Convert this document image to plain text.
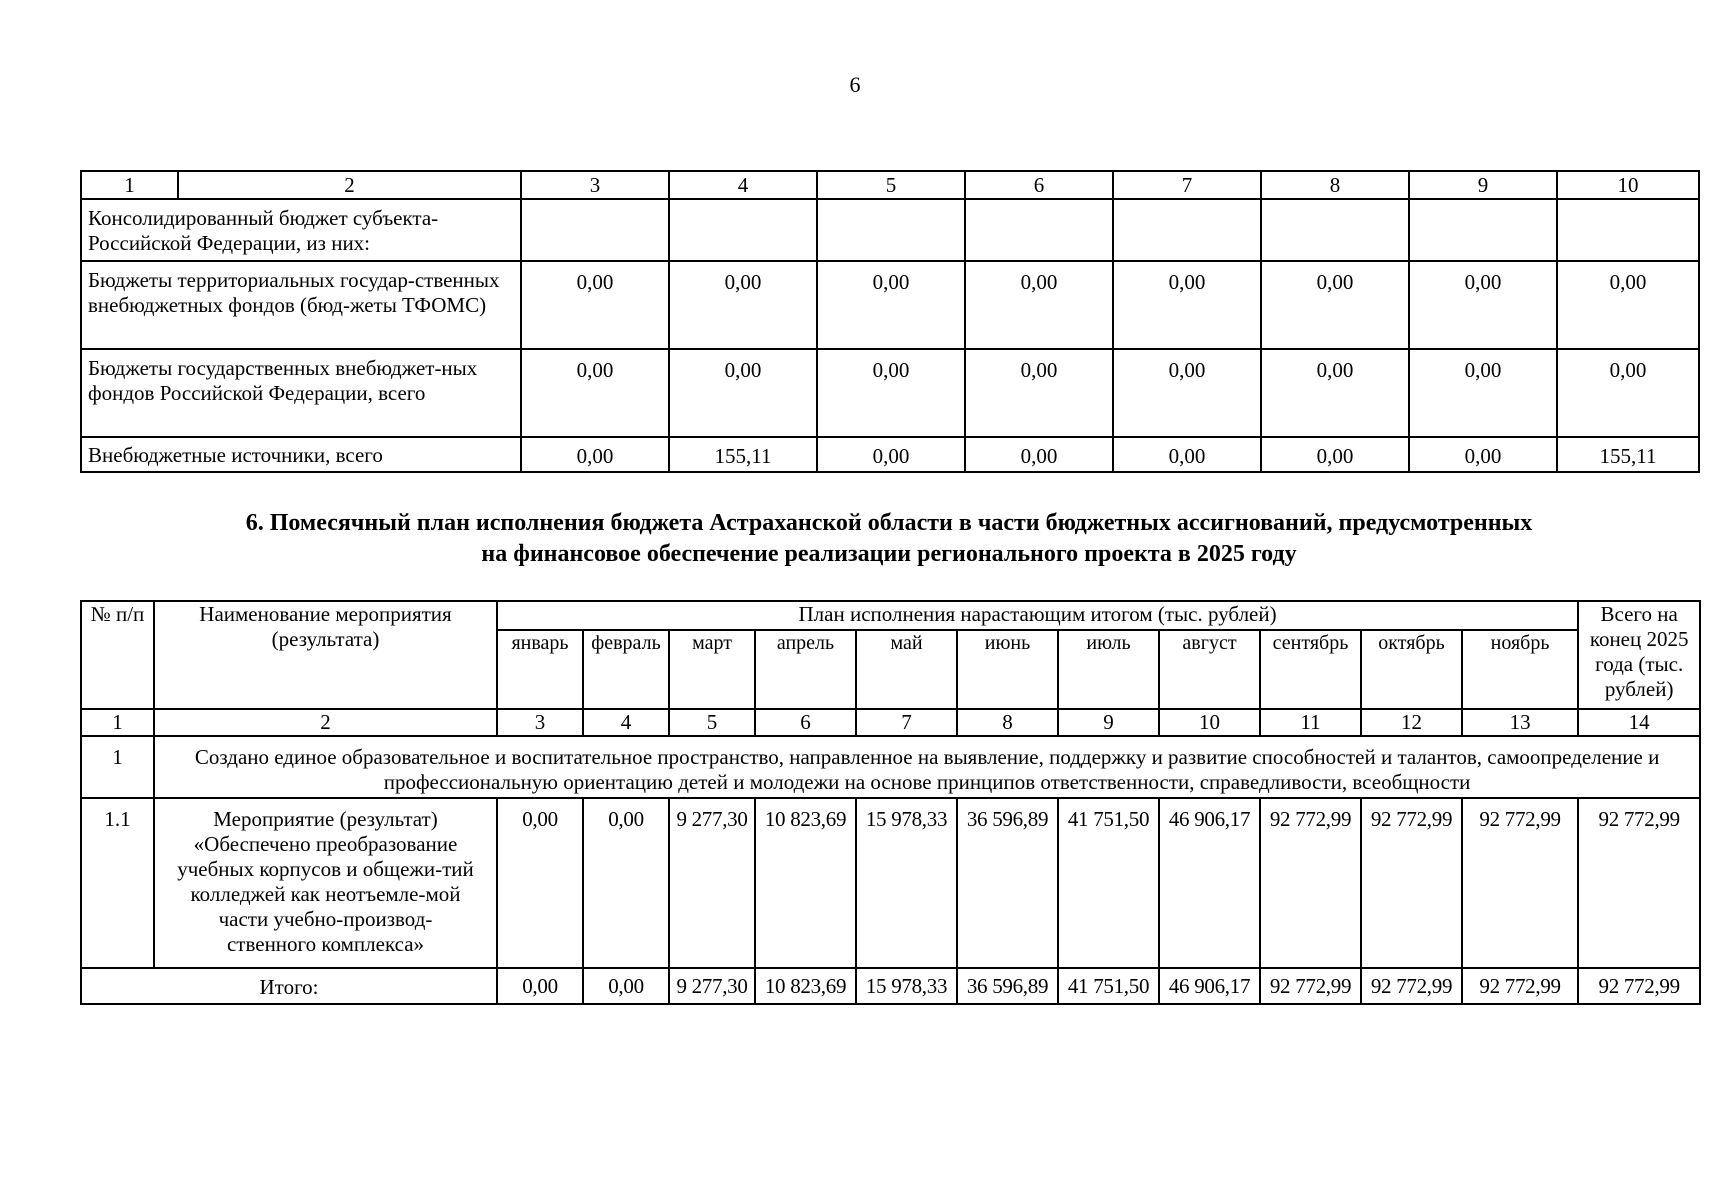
6
1	2	3	4	5	6	7	8	9	10
Консолидированный бюджет субъекта-Российской Федерации, из них:									
Бюджеты территориальных государ-ственных внебюджетных фондов (бюд-жеты ТФОМС)		0,00	0,00	0,00	0,00	0,00	0,00	0,00	0,00
Бюджеты государственных внебюджет-ных фондов Российской Федерации, всего		0,00	0,00	0,00	0,00	0,00	0,00	0,00	0,00
Внебюджетные источники, всего		0,00	155,11	0,00	0,00	0,00	0,00	0,00	155,11
6. Помесячный план исполнения бюджета Астраханской области в части бюджетных ассигнований, предусмотренных
на финансовое обеспечение реализации регионального проекта в 2025 году
№ п/п	Наименование мероприятия (результата)	План исполнения нарастающим итогом (тыс. рублей)											Всего на конец 2025 года (тыс. рублей)
		январь	февраль	март	апрель	май	июнь	июль	август	сентябрь	октябрь	ноябрь	
1	2	3	4	5	6	7	8	9	10	11	12	13	14
1	Создано единое образовательное и воспитательное пространство, направленное на выявление, поддержку и развитие способностей и талантов, самоопределение и профессиональную ориентацию детей и молодежи на основе принципов ответственности, справедливости, всеобщности												
1.1	Мероприятие (результат) «Обеспечено преобразование учебных корпусов и общежи-тий колледжей как неотъемле-мой части учебно-производ-ственного комплекса»	0,00	0,00	9 277,30	10 823,69	15 978,33	36 596,89	41 751,50	46 906,17	92 772,99	92 772,99	92 772,99	92 772,99
Итого:		0,00	0,00	9 277,30	10 823,69	15 978,33	36 596,89	41 751,50	46 906,17	92 772,99	92 772,99	92 772,99	92 772,99
